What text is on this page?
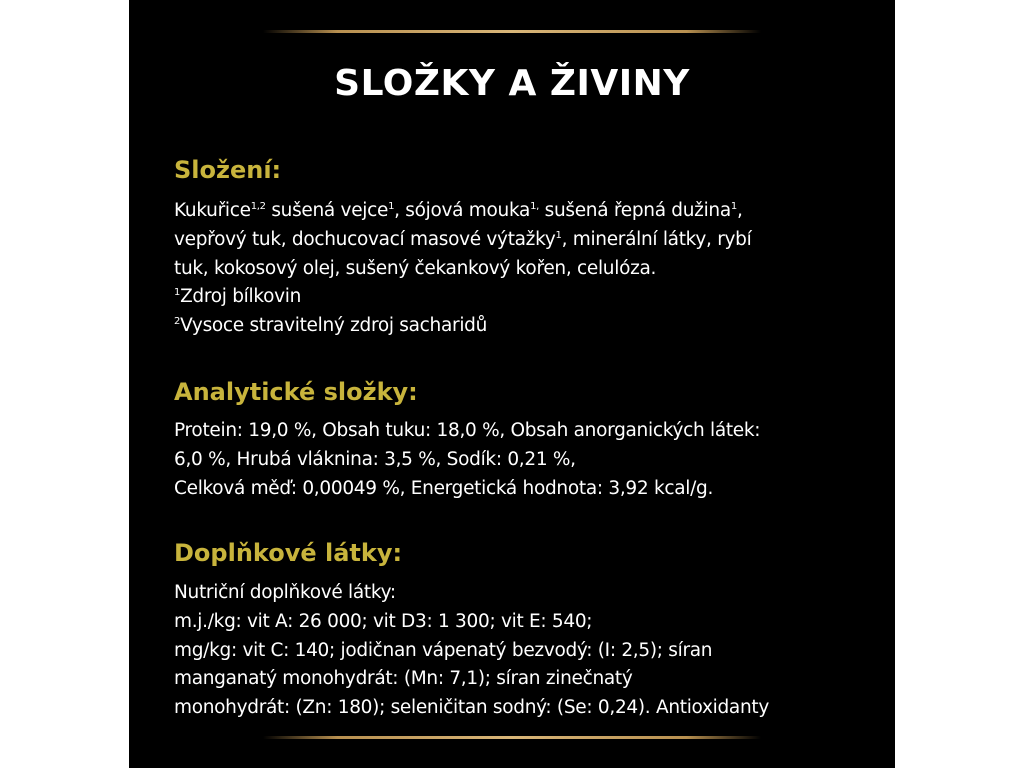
SLOŽKY A ŽIVINY
Složení:
Kukuřice$^{1,2}$ sušená vejce$^1$, sójová mouka$^{1,}$ sušená řepná dužina$^1$,
vepřový tuk, dochucovací masové výtažky$^1$, minerální látky, rybí
tuk, kokosový olej, sušený čekankový kořen, celulóza.
$^1$Zdroj bílkovin
$^2$Vysoce stravitelný zdroj sacharidů
Analytické složky:
Protein: 19,0 %, Obsah tuku: 18,0 %, Obsah anorganických látek:
6,0 %, Hrubá vláknina: 3,5 %, Sodík: 0,21 %,
Celková měď: 0,00049 %, Energetická hodnota: 3,92 kcal/g.
Doplňkové látky:
Nutriční doplňkové látky:
m.j./kg: vit A: 26 000; vit D3: 1 300; vit E: 540;
mg/kg: vit C: 140; jodičnan vápenatý bezvodý: (I: 2,5); síran
manganatý monohydrát: (Mn: 7,1); síran zinečnatý
monohydrát: (Zn: 180); seleničitan sodný: (Se: 0,24). Antioxidanty
